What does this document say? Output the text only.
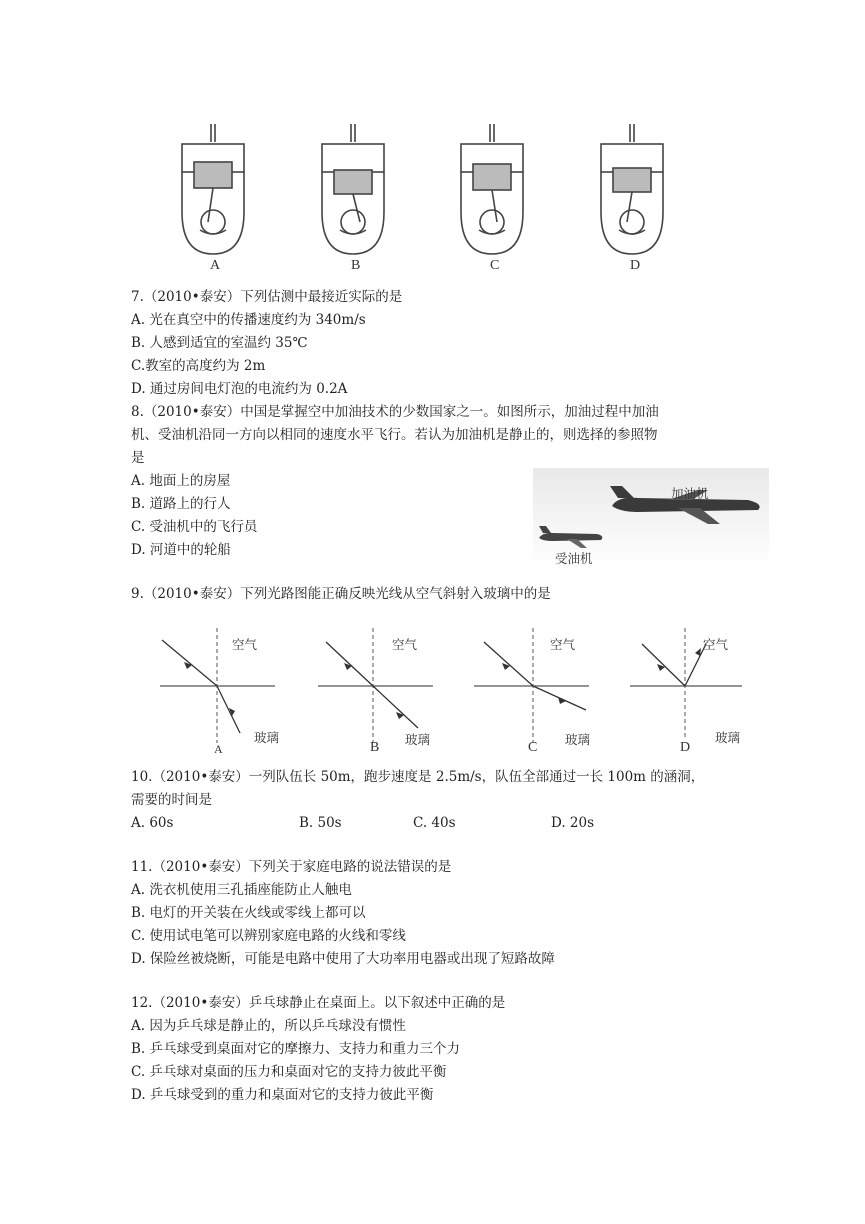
A	B	C	D
7.（2010•泰安）下列估测中最接近实际的是
A. 光在真空中的传播速度约为 340m/s
B. 人感到适宜的室温约 35℃
C.教室的高度约为 2m
D. 通过房间电灯泡的电流约为 0.2A
8.（2010•泰安）中国是掌握空中加油技术的少数国家之一。如图所示，加油过程中加油
机、受油机沿同一方向以相同的速度水平飞行。若认为加油机是静止的，则选择的参照物
是
A. 地面上的房屋
B. 道路上的行人
C. 受油机中的飞行员
D. 河道中的轮船
加油机
受油机
9.（2010•泰安）下列光路图能正确反映光线从空气斜射入玻璃中的是
空气
玻璃
A
空气
玻璃
B
空气
玻璃
C
空气
玻璃
D
10.（2010•泰安）一列队伍长 50m，跑步速度是 2.5m/s，队伍全部通过一长 100m 的涵洞，
需要的时间是
A. 60s	B. 50s	C. 40s	D. 20s
11.（2010•泰安）下列关于家庭电路的说法错误的是
A. 洗衣机使用三孔插座能防止人触电
B. 电灯的开关装在火线或零线上都可以
C. 使用试电笔可以辨别家庭电路的火线和零线
D. 保险丝被烧断，可能是电路中使用了大功率用电器或出现了短路故障
12.（2010•泰安）乒乓球静止在桌面上。以下叙述中正确的是
A. 因为乒乓球是静止的，所以乒乓球没有惯性
B. 乒乓球受到桌面对它的摩擦力、支持力和重力三个力
C. 乒乓球对桌面的压力和桌面对它的支持力彼此平衡
D. 乒乓球受到的重力和桌面对它的支持力彼此平衡
